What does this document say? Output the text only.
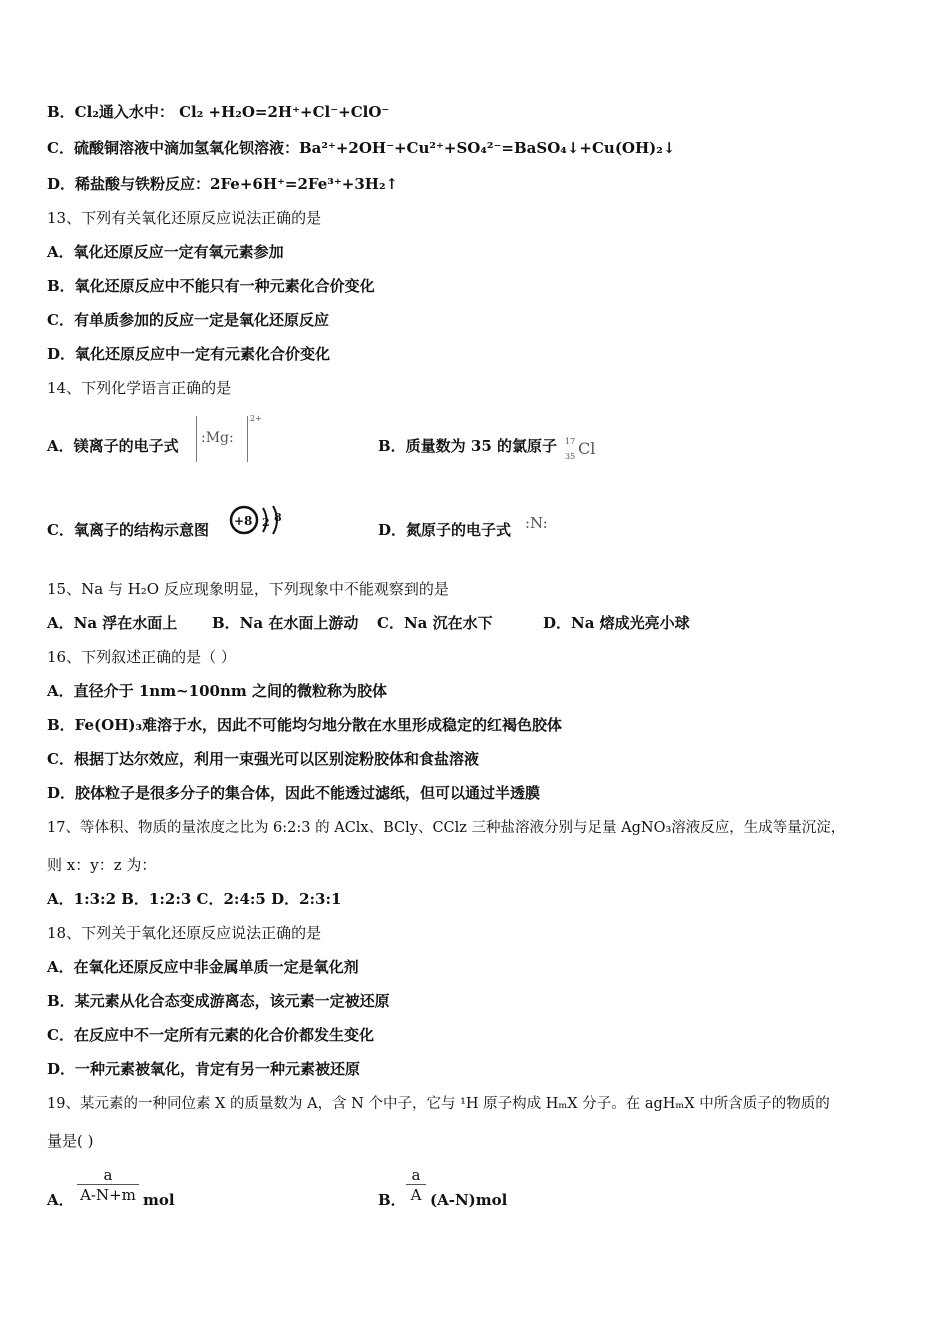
B．Cl₂通入水中： Cl₂ +H₂O=2H⁺+Cl⁻+ClO⁻
C．硫酸铜溶液中滴加氢氧化钡溶液：Ba²⁺+2OH⁻+Cu²⁺+SO₄²⁻=BaSO₄↓+Cu(OH)₂↓
D．稀盐酸与铁粉反应：2Fe+6H⁺=2Fe³⁺+3H₂↑
13、下列有关氧化还原反应说法正确的是
A．氧化还原反应一定有氧元素参加
B．氧化还原反应中不能只有一种元素化合价变化
C．有单质参加的反应一定是氧化还原反应
D．氧化还原反应中一定有元素化合价变化
14、下列化学语言正确的是
A．镁离子的电子式 :Mg:
2+
B．质量数为 35 的氯原子 17
35 Cl
C．氧离子的结构示意图 +8 2 8
D．氮原子的电子式 :N:
15、Na 与 H₂O 反应现象明显，下列现象中不能观察到的是
A．Na 浮在水面上 B．Na 在水面上游动 C．Na 沉在水下	D．Na 熔成光亮小球
16、下列叙述正确的是（ ）
A．直径介于 1nm~100nm 之间的微粒称为胶体
B．Fe(OH)₃难溶于水，因此不可能均匀地分散在水里形成稳定的红褐色胶体
C．根据丁达尔效应，利用一束强光可以区别淀粉胶体和食盐溶液
D．胶体粒子是很多分子的集合体，因此不能透过滤纸，但可以通过半透膜
17、等体积、物质的量浓度之比为 6:2:3 的 AClx、BCly、CClz 三种盐溶液分别与足量 AgNO₃溶液反应，生成等量沉淀，
则 x：y：z 为：
A．1:3:2 B．1:2:3 C．2:4:5 D．2:3:1
18、下列关于氧化还原反应说法正确的是
A．在氧化还原反应中非金属单质一定是氧化剂
B．某元素从化合态变成游离态，该元素一定被还原
C．在反应中不一定所有元素的化合价都发生变化
D．一种元素被氧化，肯定有另一种元素被还原
19、某元素的一种同位素 X 的质量数为 A，含 N 个中子，它与 ¹H 原子构成 HₘX 分子。在 agHₘX 中所含质子的物质的
量是( )
A． $\frac{a}{A-N+m}$ mol	B． $\frac{a}{A} (A-N)mol$
